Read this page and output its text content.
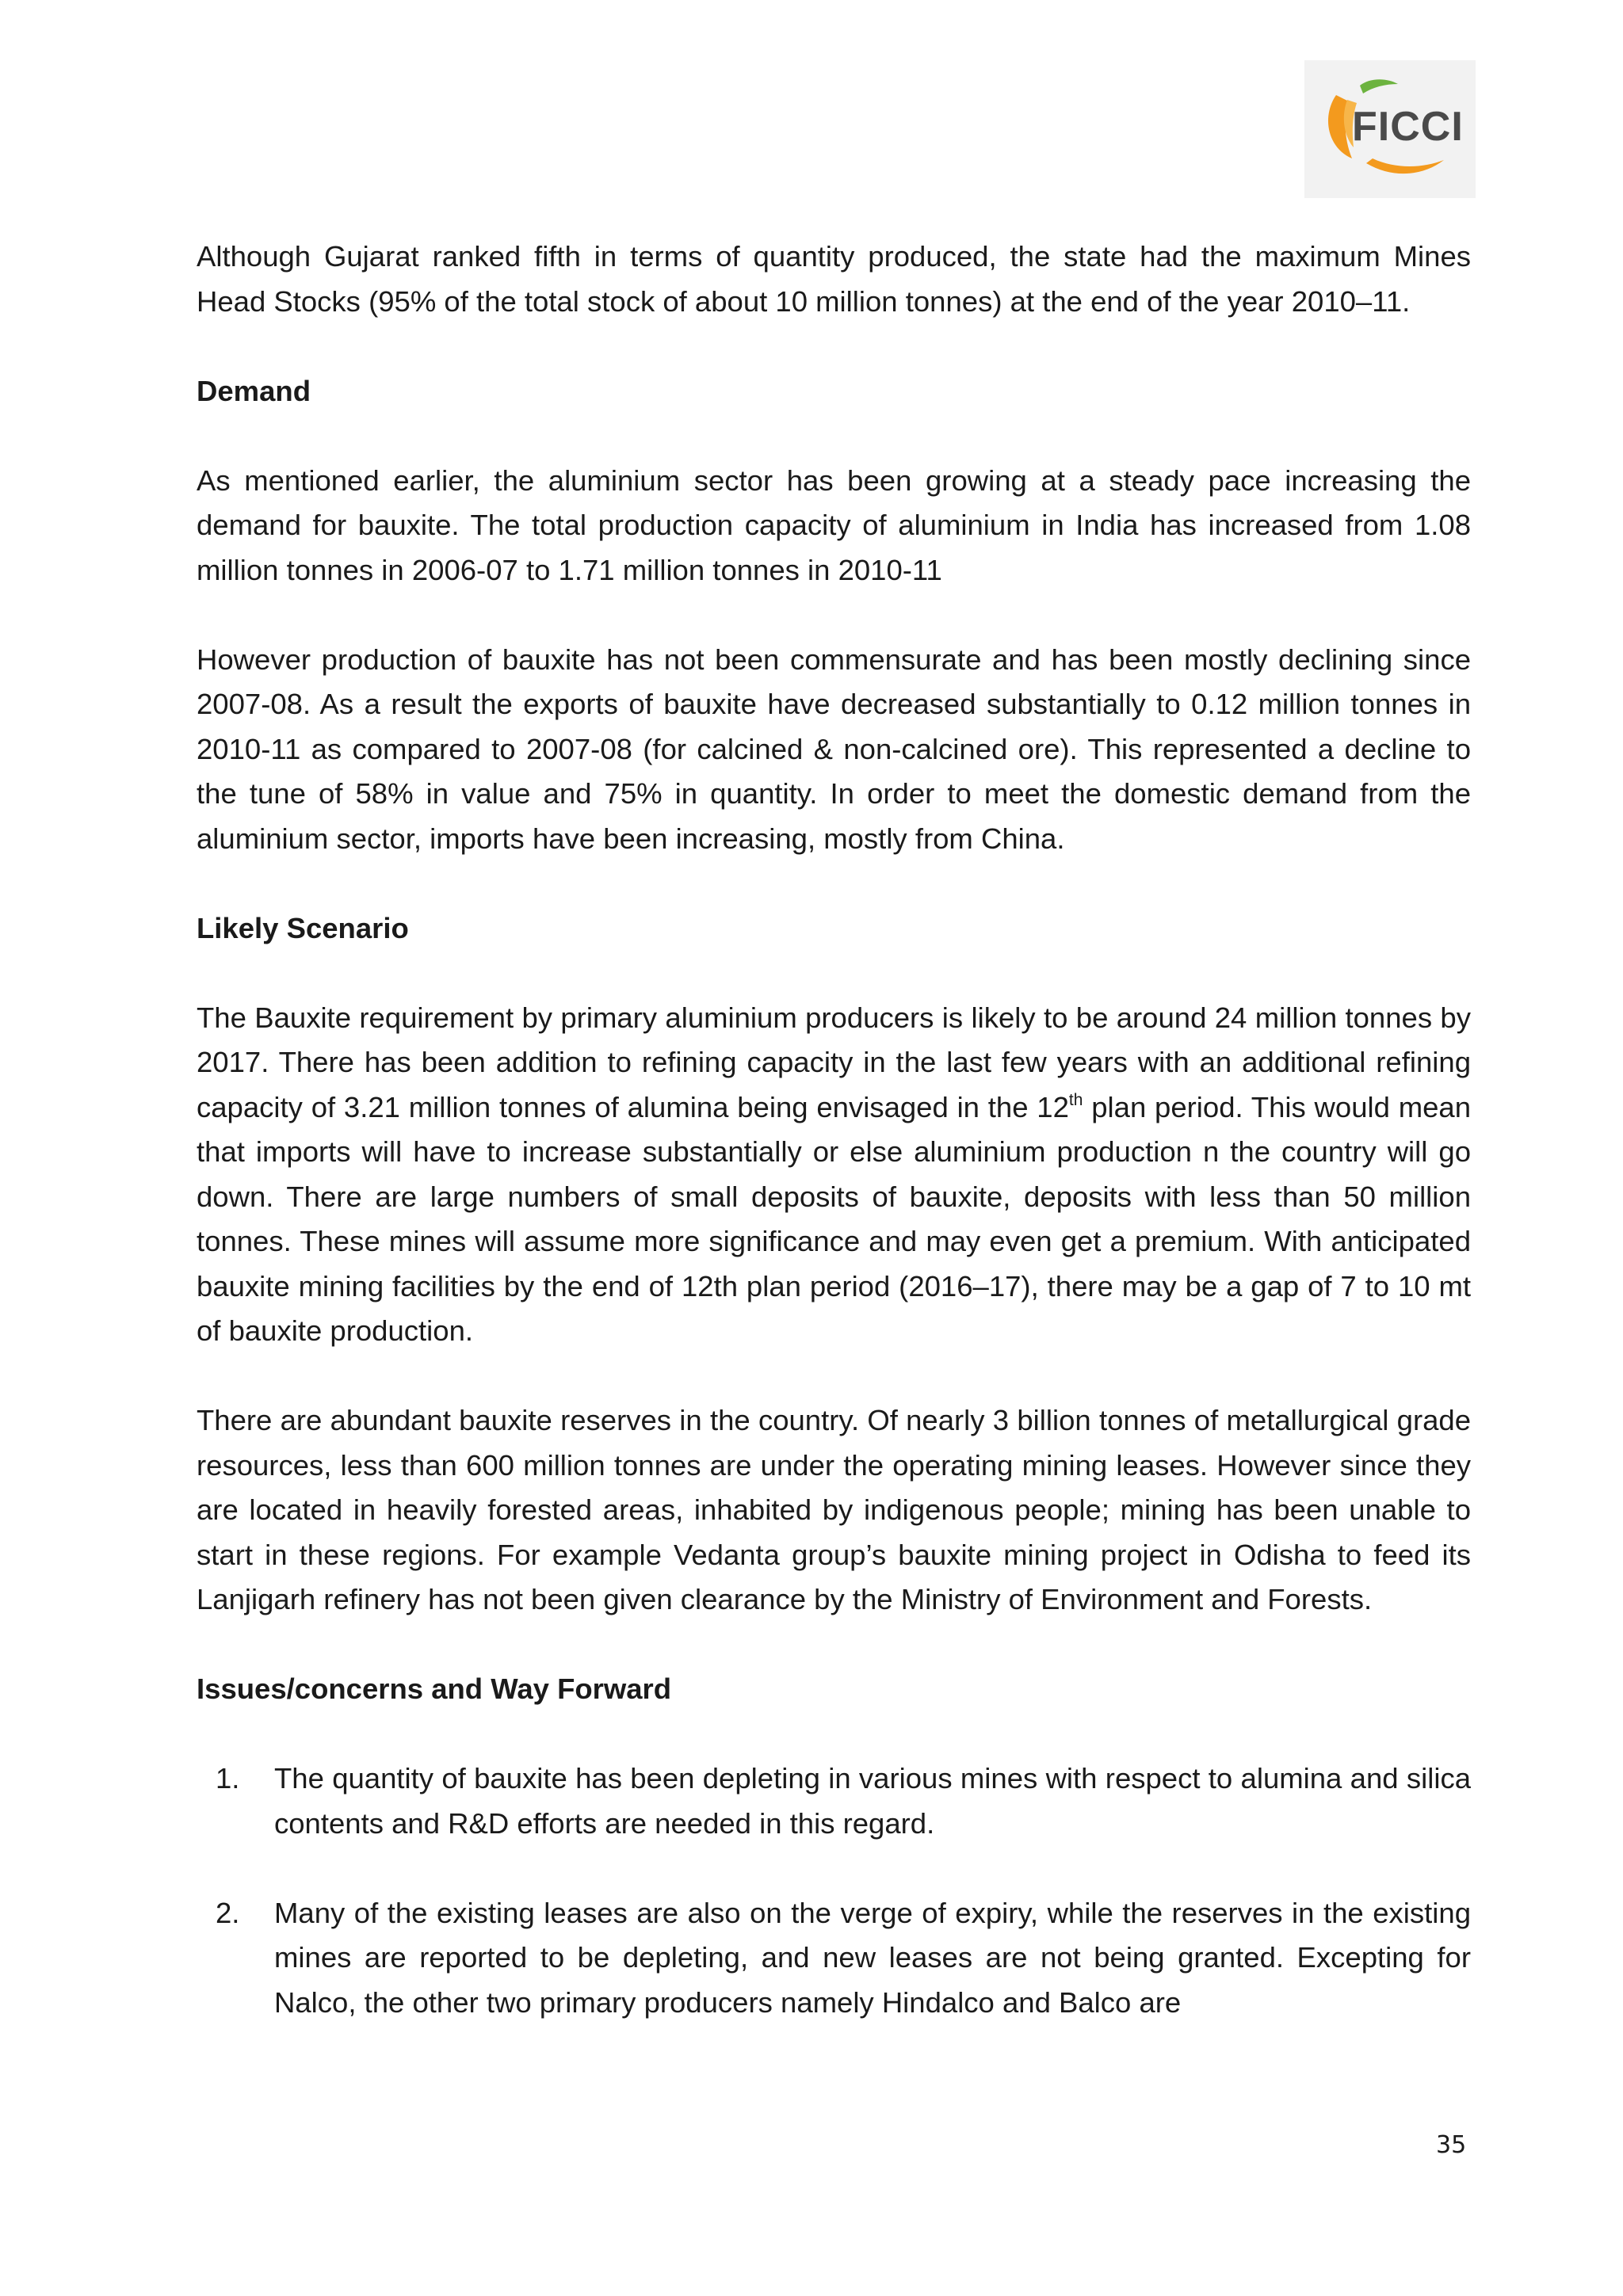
FICCI

Although Gujarat ranked fifth in terms of quantity produced, the state had the maximum Mines Head Stocks (95% of the total stock of about 10 million tonnes) at the end of the year 2010–11.

Demand

As mentioned earlier, the aluminium sector has been growing at a steady pace increasing the demand for bauxite. The total production capacity of aluminium in India has increased from 1.08 million tonnes in 2006-07 to 1.71 million tonnes in 2010-11

However production of bauxite has not been commensurate and has been mostly declining since 2007-08. As a result the exports of bauxite have decreased substantially to 0.12 million tonnes in 2010-11 as compared to 2007-08 (for calcined & non-calcined ore). This represented a decline to the tune of 58% in value and 75% in quantity. In order to meet the domestic demand from the aluminium sector, imports have been increasing, mostly from China.

Likely Scenario

The Bauxite requirement by primary aluminium producers is likely to be around 24 million tonnes by 2017. There has been addition to refining capacity in the last few years with an additional refining capacity of 3.21 million tonnes of alumina being envisaged in the 12th plan period. This would mean that imports will have to increase substantially or else aluminium production n the country will go down. There are large numbers of small deposits of bauxite, deposits with less than 50 million tonnes. These mines will assume more significance and may even get a premium. With anticipated bauxite mining facilities by the end of 12th plan period (2016–17), there may be a gap of 7 to 10 mt of bauxite production.

There are abundant bauxite reserves in the country. Of nearly 3 billion tonnes of metallurgical grade resources, less than 600 million tonnes are under the operating mining leases. However since they are located in heavily forested areas, inhabited by indigenous people; mining has been unable to start in these regions. For example Vedanta group’s bauxite mining project in Odisha to feed its Lanjigarh refinery has not been given clearance by the Ministry of Environment and Forests.

Issues/concerns and Way Forward

1. The quantity of bauxite has been depleting in various mines with respect to alumina and silica contents and R&D efforts are needed in this regard.
2. Many of the existing leases are also on the verge of expiry, while the reserves in the existing mines are reported to be depleting, and new leases are not being granted. Excepting for Nalco, the other two primary producers namely Hindalco and Balco are
35
